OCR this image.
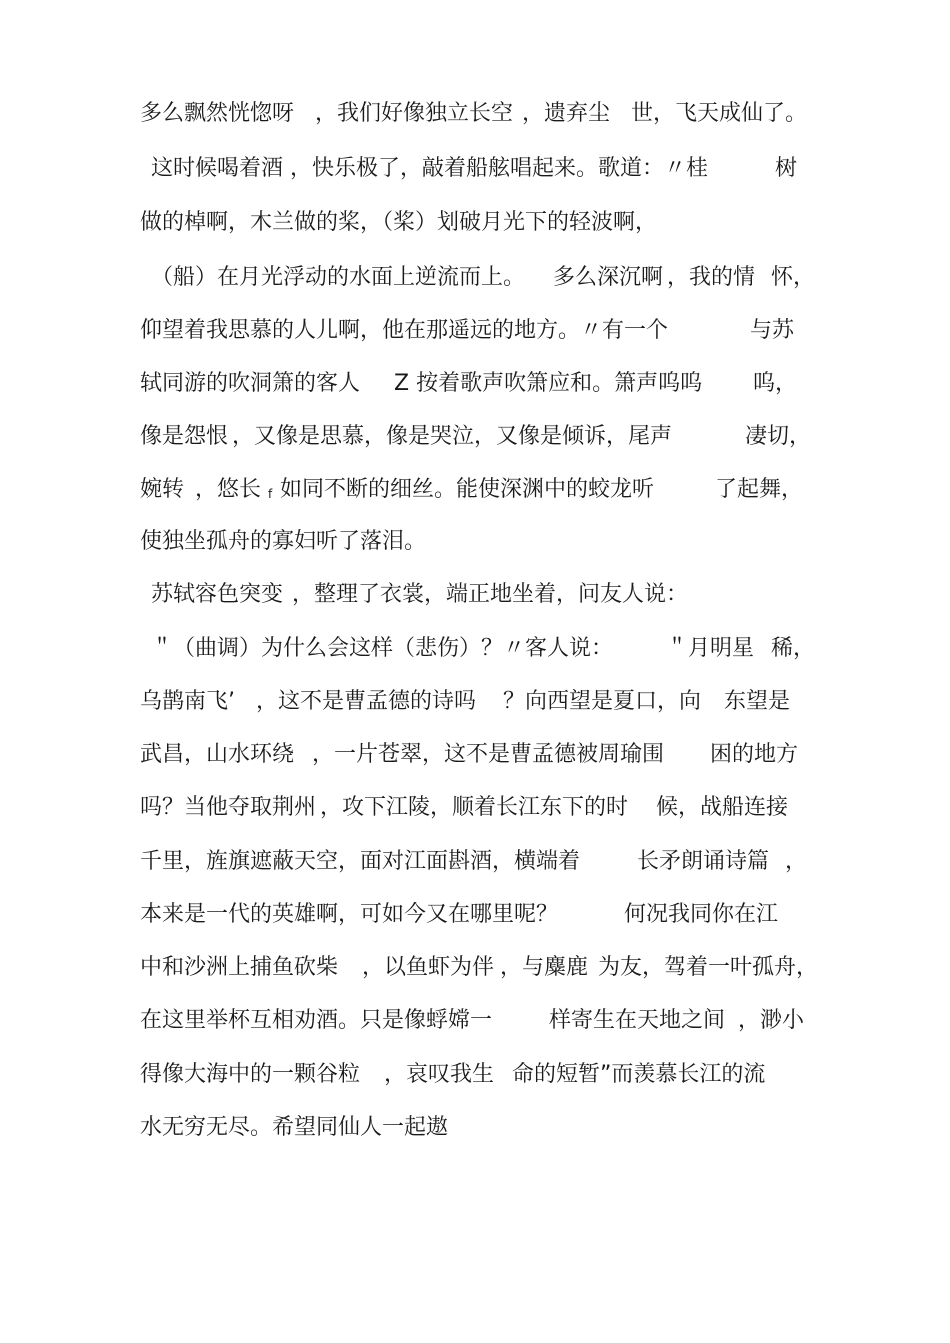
多么飘然恍惚呀 ，我们好像独立长空 ，遗弃尘 世，飞天成仙了。
这时候喝着酒 ，快乐极了，敲着船舷唱起来。歌道：〃桂	树
做的棹啊，木兰做的桨，（桨）划破月光下的轻波啊，
（船）在月光浮动的水面上逆流而上。 多么深沉啊 ，我的情 怀，
仰望着我思慕的人儿啊，他在那遥远的地方。〃有一个	与苏
轼同游的吹洞箫的客人 Z 按着歌声吹箫应和。箫声呜呜 呜，
像是怨恨 ，又像是思慕，像是哭泣，又像是倾诉，尾声	凄切，
婉转 ，悠长 f 如同不断的细丝。能使深渊中的蛟龙听	了起舞，
使独坐孤舟的寡妇听了落泪。
苏轼容色突变 ，整理了衣裳，端正地坐着，问友人说：
＂（曲调）为什么会这样（悲伤）？〃客人说： ＂月明星 稀，
乌鹊南飞’ ，这不是曹孟德的诗吗 ？向西望是夏口，向 东望是
武昌，山水环绕 ，一片苍翠，这不是曹孟德被周瑜围 困的地方
吗？当他夺取荆州 ，攻下江陵，顺着长江东下的时 候，战船连接
千里，旌旗遮蔽天空，面对江面斟酒，横端着	长矛朗诵诗篇 ，
本来是一代的英雄啊，可如今又在哪里呢？	何况我同你在江
中和沙洲上捕鱼砍柴 ，以鱼虾为伴 ，与麋鹿 为友，驾着一叶孤舟，
在这里举杯互相劝酒。只是像蜉嫦一	样寄生在天地之间 ，渺小
得像大海中的一颗谷粒 ，哀叹我生 命的短暂”而羡慕长江的流
水无穷无尽。希望同仙人一起遨
